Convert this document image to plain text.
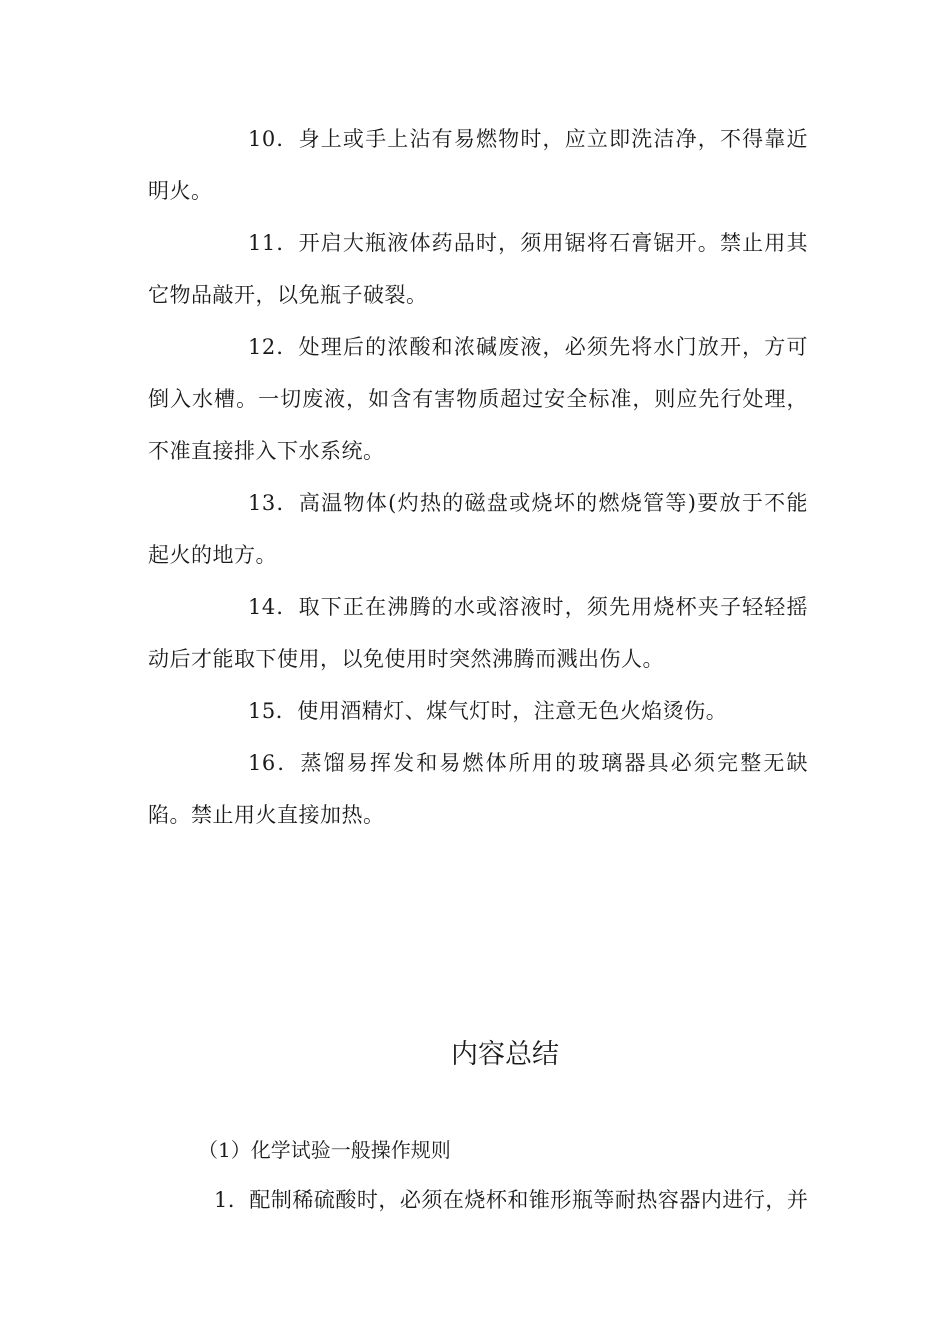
10．身上或手上沾有易燃物时，应立即洗洁净，不得靠近明火。

11．开启大瓶液体药品时，须用锯将石膏锯开。禁止用其它物品敲开，以免瓶子破裂。

12．处理后的浓酸和浓碱废液，必须先将水门放开，方可倒入水槽。一切废液，如含有害物质超过安全标准，则应先行处理，不准直接排入下水系统。

13．高温物体(灼热的磁盘或烧坏的燃烧管等)要放于不能起火的地方。

14．取下正在沸腾的水或溶液时，须先用烧杯夹子轻轻摇动后才能取下使用，以免使用时突然沸腾而溅出伤人。

15．使用酒精灯、煤气灯时，注意无色火焰烫伤。

16．蒸馏易挥发和易燃体所用的玻璃器具必须完整无缺陷。禁止用火直接加热。

内容总结

（1）化学试验一般操作规则

1．配制稀硫酸时，必须在烧杯和锥形瓶等耐热容器内进行，并
